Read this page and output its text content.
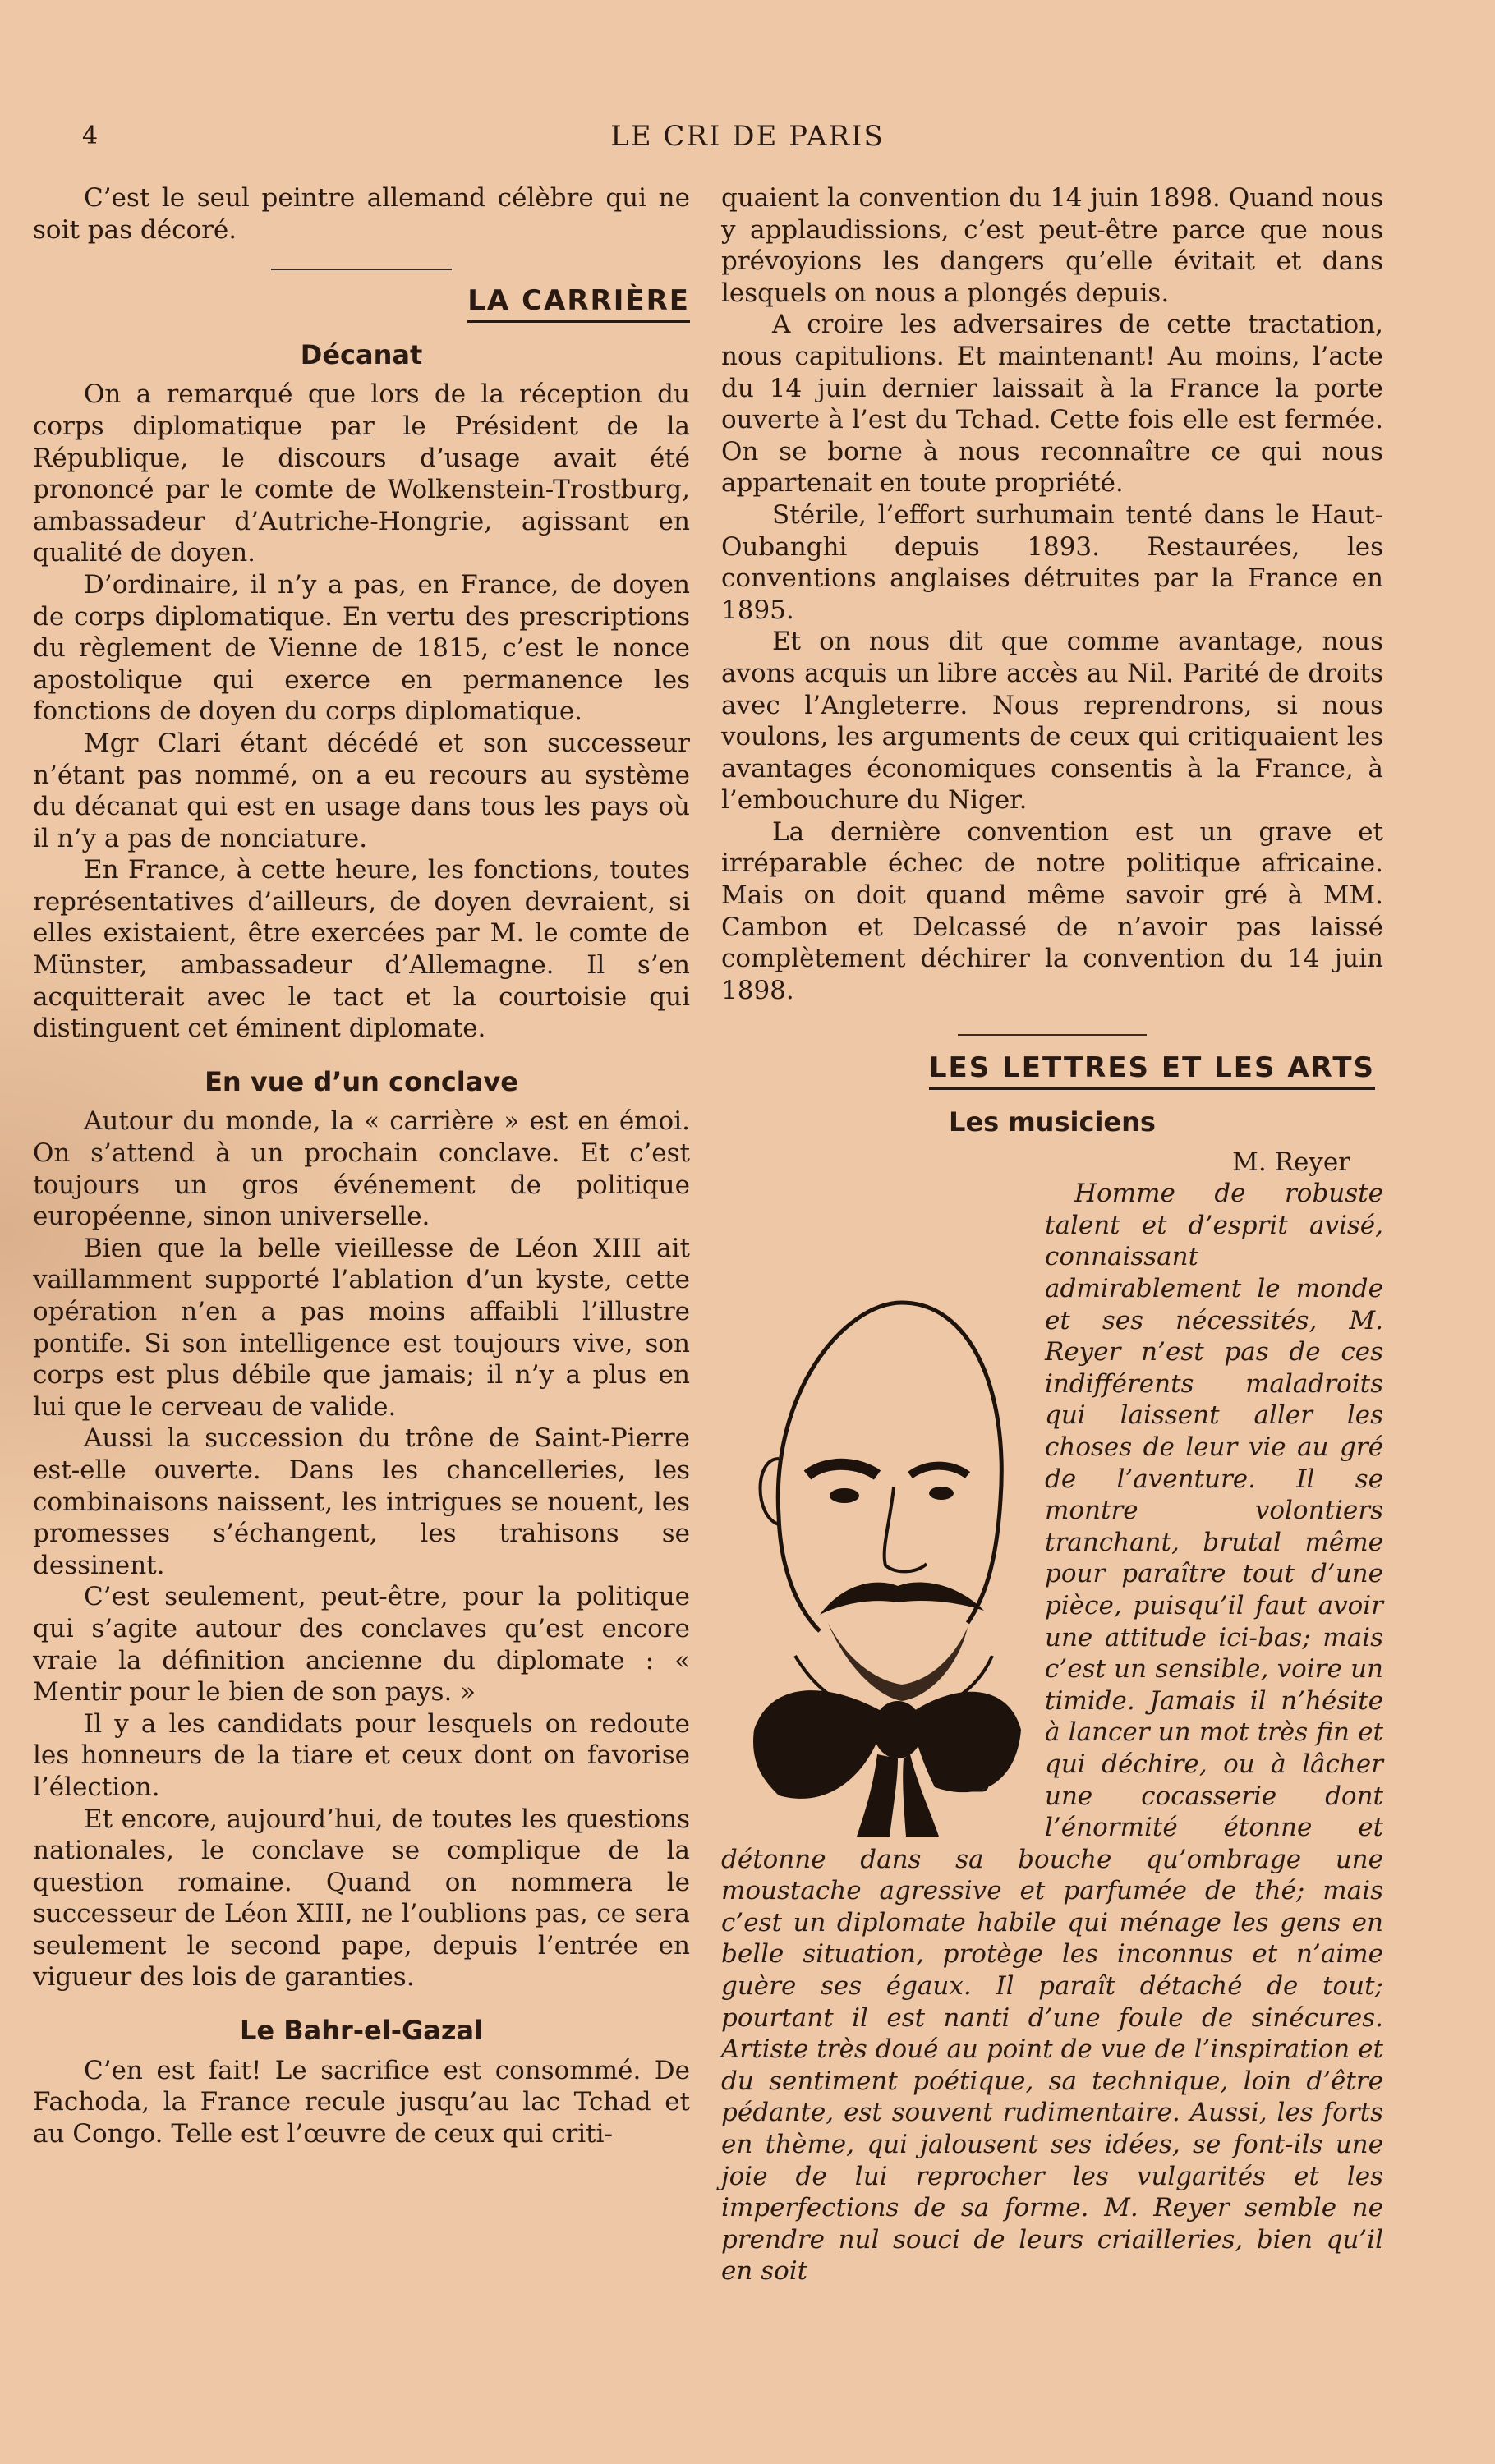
4	LE CRI DE PARIS

C’est le seul peintre allemand célèbre qui ne soit pas décoré.

LA CARRIÈRE
Décanat

On a remarqué que lors de la réception du corps diplomatique par le Président de la République, le discours d’usage avait été prononcé par le comte de Wolkenstein-Trostburg, ambassadeur d’Autriche-Hongrie, agissant en qualité de doyen.

D’ordinaire, il n’y a pas, en France, de doyen de corps diplomatique. En vertu des prescriptions du règlement de Vienne de 1815, c’est le nonce apostolique qui exerce en permanence les fonctions de doyen du corps diplomatique.

Mgr Clari étant décédé et son successeur n’étant pas nommé, on a eu recours au système du décanat qui est en usage dans tous les pays où il n’y a pas de nonciature.

En France, à cette heure, les fonctions, toutes représentatives d’ailleurs, de doyen devraient, si elles existaient, être exercées par M. le comte de Münster, ambassadeur d’Allemagne. Il s’en acquitterait avec le tact et la courtoisie qui distinguent cet éminent diplomate.

En vue d’un conclave

Autour du monde, la « carrière » est en émoi. On s’attend à un prochain conclave. Et c’est toujours un gros événement de politique européenne, sinon universelle.

Bien que la belle vieillesse de Léon XIII ait vaillamment supporté l’ablation d’un kyste, cette opération n’en a pas moins affaibli l’illustre pontife. Si son intelligence est toujours vive, son corps est plus débile que jamais; il n’y a plus en lui que le cerveau de valide.

Aussi la succession du trône de Saint-Pierre est-elle ouverte. Dans les chancelleries, les combinaisons naissent, les intrigues se nouent, les promesses s’échangent, les trahisons se dessinent.

C’est seulement, peut-être, pour la politique qui s’agite autour des conclaves qu’est encore vraie la définition ancienne du diplomate : « Mentir pour le bien de son pays. »

Il y a les candidats pour lesquels on redoute les honneurs de la tiare et ceux dont on favorise l’élection.

Et encore, aujourd’hui, de toutes les questions nationales, le conclave se complique de la question romaine. Quand on nommera le successeur de Léon XIII, ne l’oublions pas, ce sera seulement le second pape, depuis l’entrée en vigueur des lois de garanties.

Le Bahr-el-Gazal

C’en est fait! Le sacrifice est consommé. De Fachoda, la France recule jusqu’au lac Tchad et au Congo. Telle est l’œuvre de ceux qui criti-

quaient la convention du 14 juin 1898. Quand nous y applaudissions, c’est peut-être parce que nous prévoyions les dangers qu’elle évitait et dans lesquels on nous a plongés depuis.

A croire les adversaires de cette tractation, nous capitulions. Et maintenant! Au moins, l’acte du 14 juin dernier laissait à la France la porte ouverte à l’est du Tchad. Cette fois elle est fermée. On se borne à nous reconnaître ce qui nous appartenait en toute propriété.

Stérile, l’effort surhumain tenté dans le Haut-Oubanghi depuis 1893. Restaurées, les conventions anglaises détruites par la France en 1895.

Et on nous dit que comme avantage, nous avons acquis un libre accès au Nil. Parité de droits avec l’Angleterre. Nous reprendrons, si nous voulons, les arguments de ceux qui critiquaient les avantages économiques consentis à la France, à l’embouchure du Niger.

La dernière convention est un grave et irréparable échec de notre politique africaine. Mais on doit quand même savoir gré à MM. Cambon et Delcassé de n’avoir pas laissé complètement déchirer la convention du 14 juin 1898.

LES LETTRES ET LES ARTS
Les musiciens

M. Reyer

FV

Homme de robuste talent et d’esprit avisé, connaissant admirablement le monde et ses nécessités, M. Reyer n’est pas de ces indifférents maladroits qui laissent aller les choses de leur vie au gré de l’aventure. Il se montre volontiers tranchant, brutal même pour paraître tout d’une pièce, puisqu’il faut avoir une attitude ici-bas; mais c’est un sensible, voire un timide. Jamais il n’hésite à lancer un mot très fin et qui déchire, ou à lâcher une cocasserie dont l’énormité étonne et détonne dans sa bouche qu’ombrage une moustache agressive et parfumée de thé; mais c’est un diplomate habile qui ménage les gens en belle situation, protège les inconnus et n’aime guère ses égaux. Il paraît détaché de tout; pourtant il est nanti d’une foule de sinécures. Artiste très doué au point de vue de l’inspiration et du sentiment poétique, sa technique, loin d’être pédante, est souvent rudimentaire. Aussi, les forts en thème, qui jalousent ses idées, se font-ils une joie de lui reprocher les vulgarités et les imperfections de sa forme. M. Reyer semble ne prendre nul souci de leurs criailleries, bien qu’il en soit
